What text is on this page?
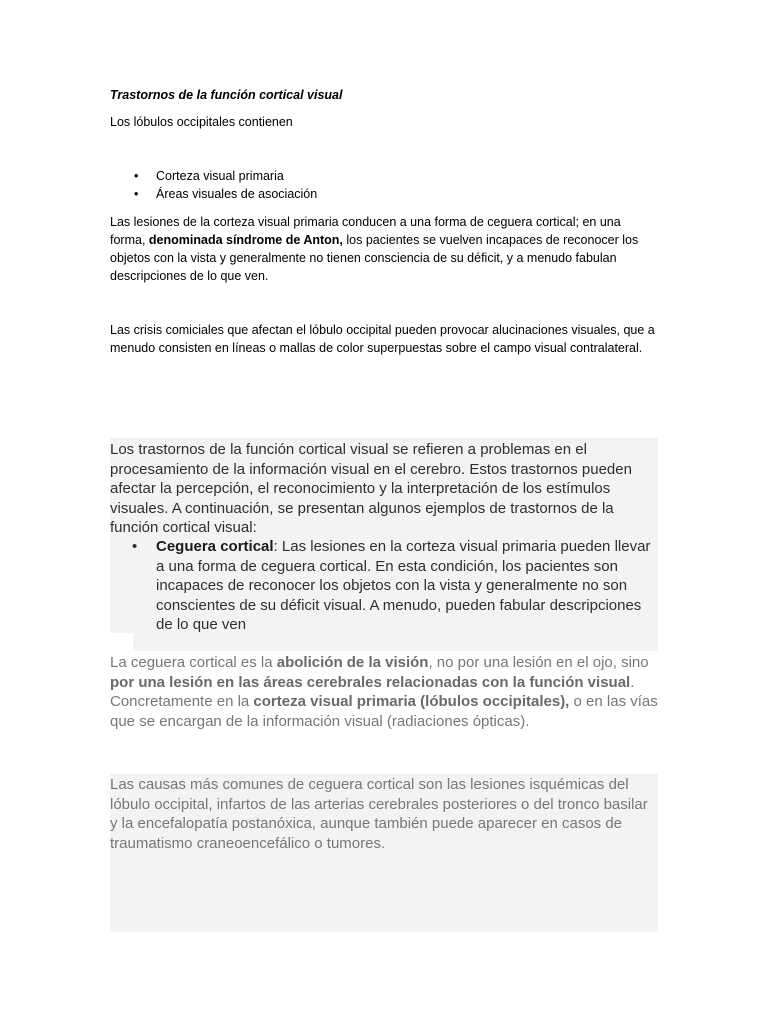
Trastornos de la función cortical visual

Los lóbulos occipitales contienen

• Corteza visual primaria
• Áreas visuales de asociación

Las lesiones de la corteza visual primaria conducen a una forma de ceguera cortical; en una forma, denominada síndrome de Anton, los pacientes se vuelven incapaces de reconocer los objetos con la vista y generalmente no tienen consciencia de su déficit, y a menudo fabulan descripciones de lo que ven.

Las crisis comiciales que afectan el lóbulo occipital pueden provocar alucinaciones visuales, que a menudo consisten en líneas o mallas de color superpuestas sobre el campo visual contralateral.

Los trastornos de la función cortical visual se refieren a problemas en el procesamiento de la información visual en el cerebro. Estos trastornos pueden afectar la percepción, el reconocimiento y la interpretación de los estímulos visuales. A continuación, se presentan algunos ejemplos de trastornos de la función cortical visual:

• Ceguera cortical: Las lesiones en la corteza visual primaria pueden llevar a una forma de ceguera cortical. En esta condición, los pacientes son incapaces de reconocer los objetos con la vista y generalmente no son conscientes de su déficit visual. A menudo, pueden fabular descripciones de lo que ven

La ceguera cortical es la abolición de la visión, no por una lesión en el ojo, sino por una lesión en las áreas cerebrales relacionadas con la función visual. Concretamente en la corteza visual primaria (lóbulos occipitales), o en las vías que se encargan de la información visual (radiaciones ópticas).

Las causas más comunes de ceguera cortical son las lesiones isquémicas del lóbulo occipital, infartos de las arterias cerebrales posteriores o del tronco basilar y la encefalopatía postanóxica, aunque también puede aparecer en casos de traumatismo craneoencefálico o tumores.
